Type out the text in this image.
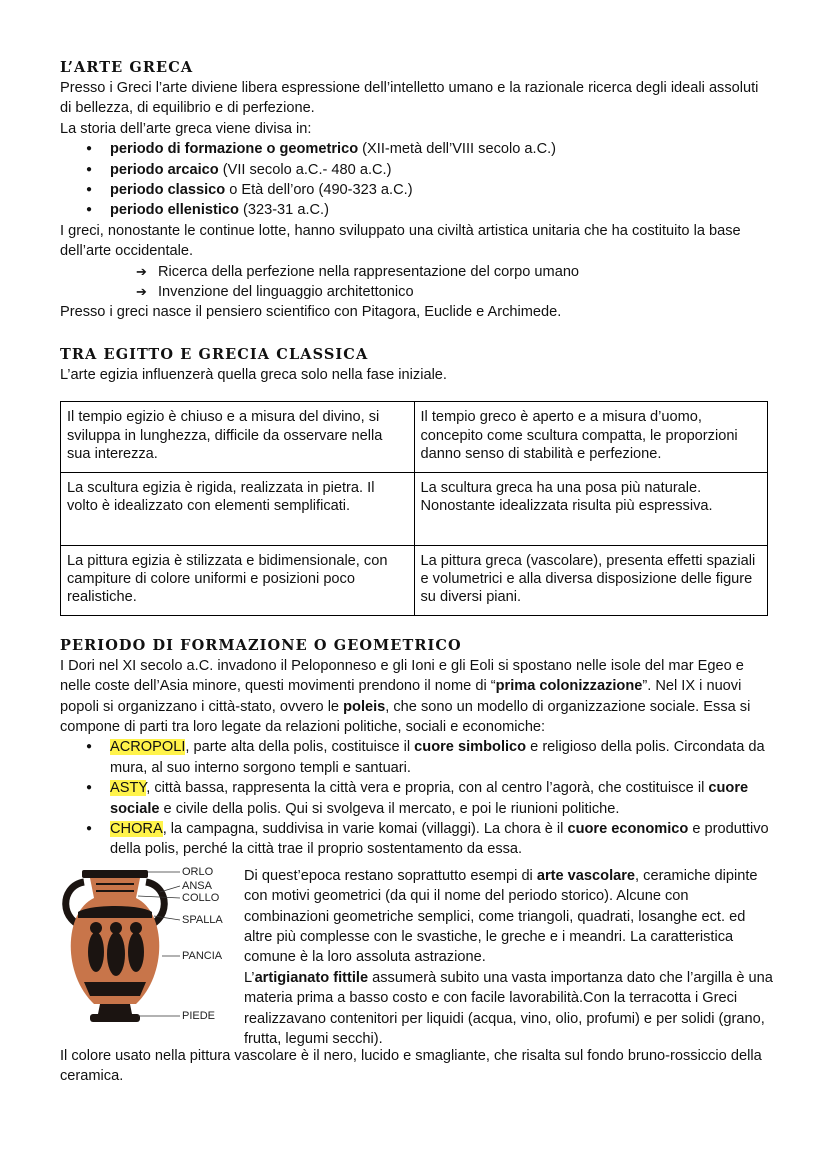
L’ARTE GRECA

Presso i Greci l’arte diviene libera espressione dell’intelletto umano e la razionale ricerca degli ideali assoluti di bellezza, di equilibrio e di perfezione.

La storia dell’arte greca viene divisa in:

● periodo di formazione o geometrico (XII-metà dell’VIII secolo a.C.)
● periodo arcaico (VII secolo a.C.- 480 a.C.)
● periodo classico o Età dell’oro (490-323 a.C.)
● periodo ellenistico (323-31 a.C.)

I greci, nonostante le continue lotte, hanno sviluppato una civiltà artistica unitaria che ha costituito la base dell’arte occidentale.

➔ Ricerca della perfezione nella rappresentazione del corpo umano
➔ Invenzione del linguaggio architettonico

Presso i greci nasce il pensiero scientifico con Pitagora, Euclide e Archimede.

TRA EGITTO E GRECIA CLASSICA

L’arte egizia influenzerà quella greca solo nella fase iniziale.

Il tempio egizio è chiuso e a misura del divino, si sviluppa in lunghezza, difficile da osservare nella sua interezza.	Il tempio greco è aperto e a misura d’uomo, concepito come scultura compatta, le proporzioni danno senso di stabilità e perfezione.
La scultura egizia è rigida, realizzata in pietra. Il volto è idealizzato con elementi semplificati.	La scultura greca ha una posa più naturale. Nonostante idealizzata risulta più espressiva.
La pittura egizia è stilizzata e bidimensionale, con campiture di colore uniformi e posizioni poco realistiche.	La pittura greca (vascolare), presenta effetti spaziali e volumetrici e alla diversa disposizione delle figure su diversi piani.
PERIODO DI FORMAZIONE O GEOMETRICO

I Dori nel XI secolo a.C. invadono il Peloponneso e gli Ioni e gli Eoli si spostano nelle isole del mar Egeo e nelle coste dell’Asia minore, questi movimenti prendono il nome di “prima colonizzazione”. Nel IX i nuovi popoli si organizzano i città-stato, ovvero le poleis, che sono un modello di organizzazione sociale. Essa si compone di parti tra loro legate da relazioni politiche, sociali e economiche:

● ACROPOLI, parte alta della polis, costituisce il cuore simbolico e religioso della polis. Circondata da mura, al suo interno sorgono templi e santuari.
● ASTY, città bassa, rappresenta la città vera e propria, con al centro l’agorà, che costituisce il cuore sociale e civile della polis. Qui si svolgeva il mercato, e poi le riunioni politiche.
● CHORA, la campagna, suddivisa in varie komai (villaggi). La chora è il cuore economico e produttivo della polis, perché la città trae il proprio sostentamento da essa.
ORLO
ANSA
COLLO
SPALLA
PANCIA
PIEDE

Di quest’epoca restano soprattutto esempi di arte vascolare, ceramiche dipinte con motivi geometrici (da qui il nome del periodo storico). Alcune con combinazioni geometriche semplici, come triangoli, quadrati, losanghe ect. ed altre più complesse con le svastiche, le greche e i meandri. La caratteristica comune è la loro assoluta astrazione.

L’artigianato fittile assumerà subito una vasta importanza dato che l’argilla è una materia prima a basso costo e con facile lavorabilità.Con la terracotta i Greci realizzavano contenitori per liquidi (acqua, vino, olio, profumi) e per solidi (grano, frutta, legumi secchi).

Il colore usato nella pittura vascolare è il nero, lucido e smagliante, che risalta sul fondo bruno-rossiccio della ceramica.
